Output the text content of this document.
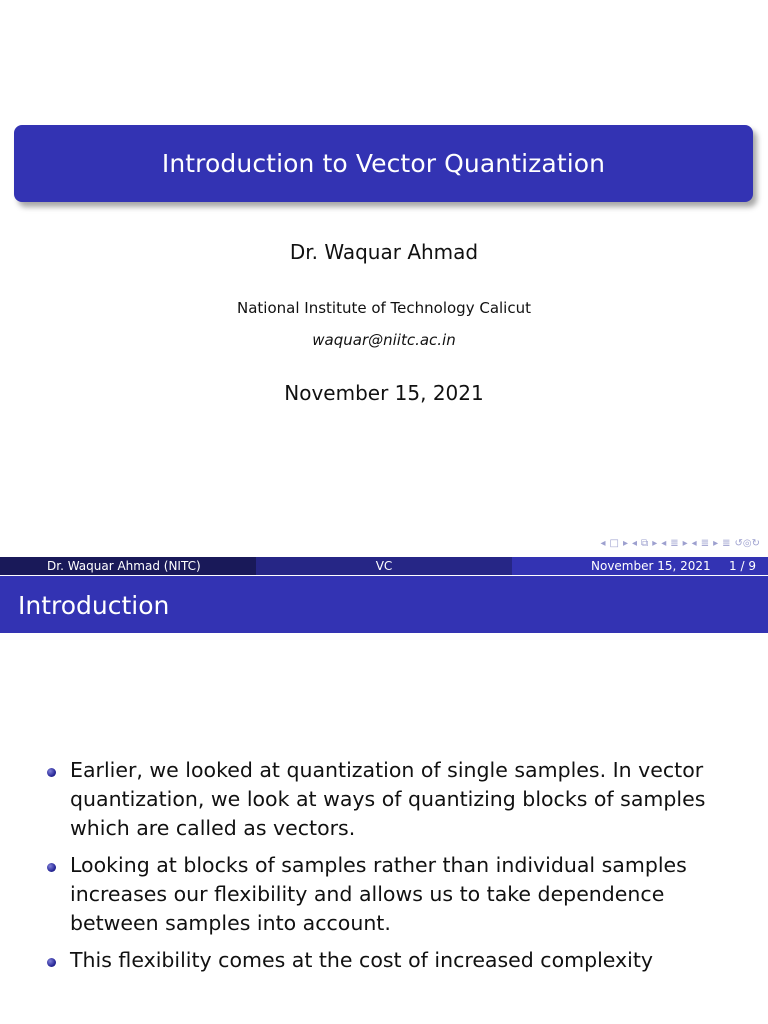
Introduction to Vector Quantization
Dr. Waquar Ahmad
National Institute of Technology Calicut
waquar@niitc.ac.in
November 15, 2021
◂ □ ▸ ◂ ⧉ ▸ ◂ ≣ ▸ ◂ ≣ ▸ ≣ ↺◎↻
Dr. Waquar Ahmad (NITC)	VC	November 15, 2021 1 / 9
Introduction
Earlier, we looked at quantization of single samples. In vector quantization, we look at ways of quantizing blocks of samples which are called as vectors.
Looking at blocks of samples rather than individual samples increases our flexibility and allows us to take dependence between samples into account.
This flexibility comes at the cost of increased complexity
